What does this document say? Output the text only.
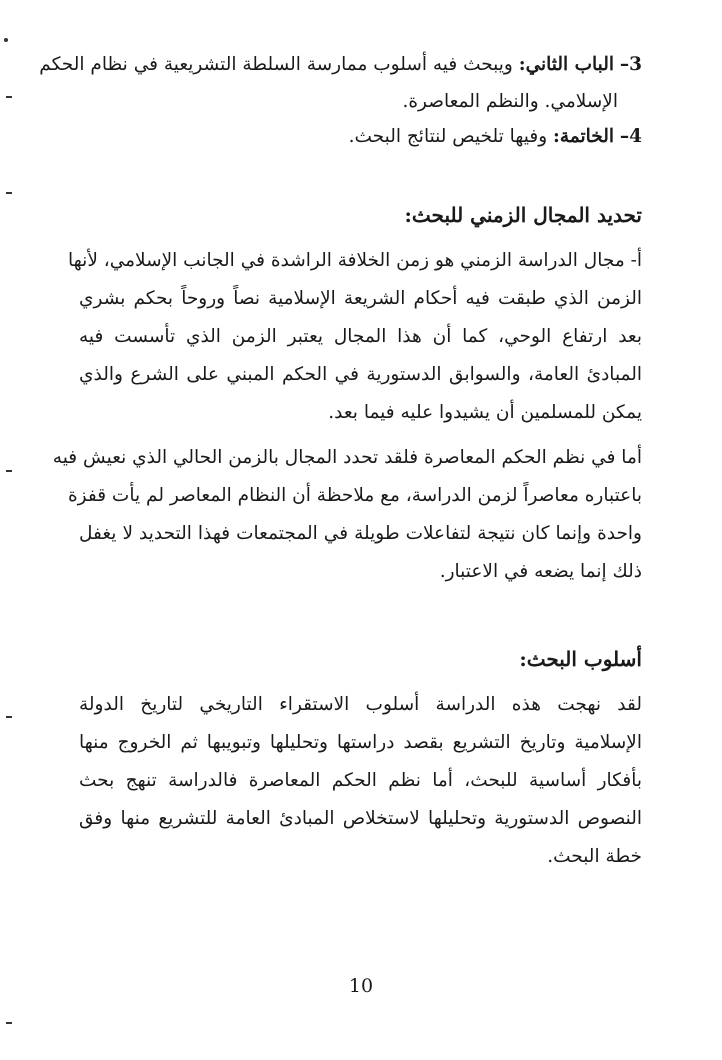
3– الباب الثاني: ويبحث فيه أسلوب ممارسة السلطة التشريعية في نظام الحكم
الإسلامي. والنظم المعاصرة.
4– الخاتمة: وفيها تلخيص لنتائج البحث.
تحديد المجال الزمني للبحث:
أ- مجال الدراسة الزمني هو زمن الخلافة الراشدة في الجانب الإسلامي، لأنها
الزمن الذي طبقت فيه أحكام الشريعة الإسلامية نصاً وروحاً بحكم بشري
بعد ارتفاع الوحي، كما أن هذا المجال يعتبر الزمن الذي تأسست فيه
المبادئ العامة، والسوابق الدستورية في الحكم المبني على الشرع والذي
يمكن للمسلمين أن يشيدوا عليه فيما بعد.
أما في نظم الحكم المعاصرة فلقد تحدد المجال بالزمن الحالي الذي نعيش فيه
باعتباره معاصراً لزمن الدراسة، مع ملاحظة أن النظام المعاصر لم يأت قفزة
واحدة وإنما كان نتيجة لتفاعلات طويلة في المجتمعات فهذا التحديد لا يغفل
ذلك إنما يضعه في الاعتبار.
أسلوب البحث:
لقد نهجت هذه الدراسة أسلوب الاستقراء التاريخي لتاريخ الدولة
الإسلامية وتاريخ التشريع بقصد دراستها وتحليلها وتبويبها ثم الخروج منها
بأفكار أساسية للبحث، أما نظم الحكم المعاصرة فالدراسة تنهج بحث
النصوص الدستورية وتحليلها لاستخلاص المبادئ العامة للتشريع منها وفق
خطة البحث.
10
